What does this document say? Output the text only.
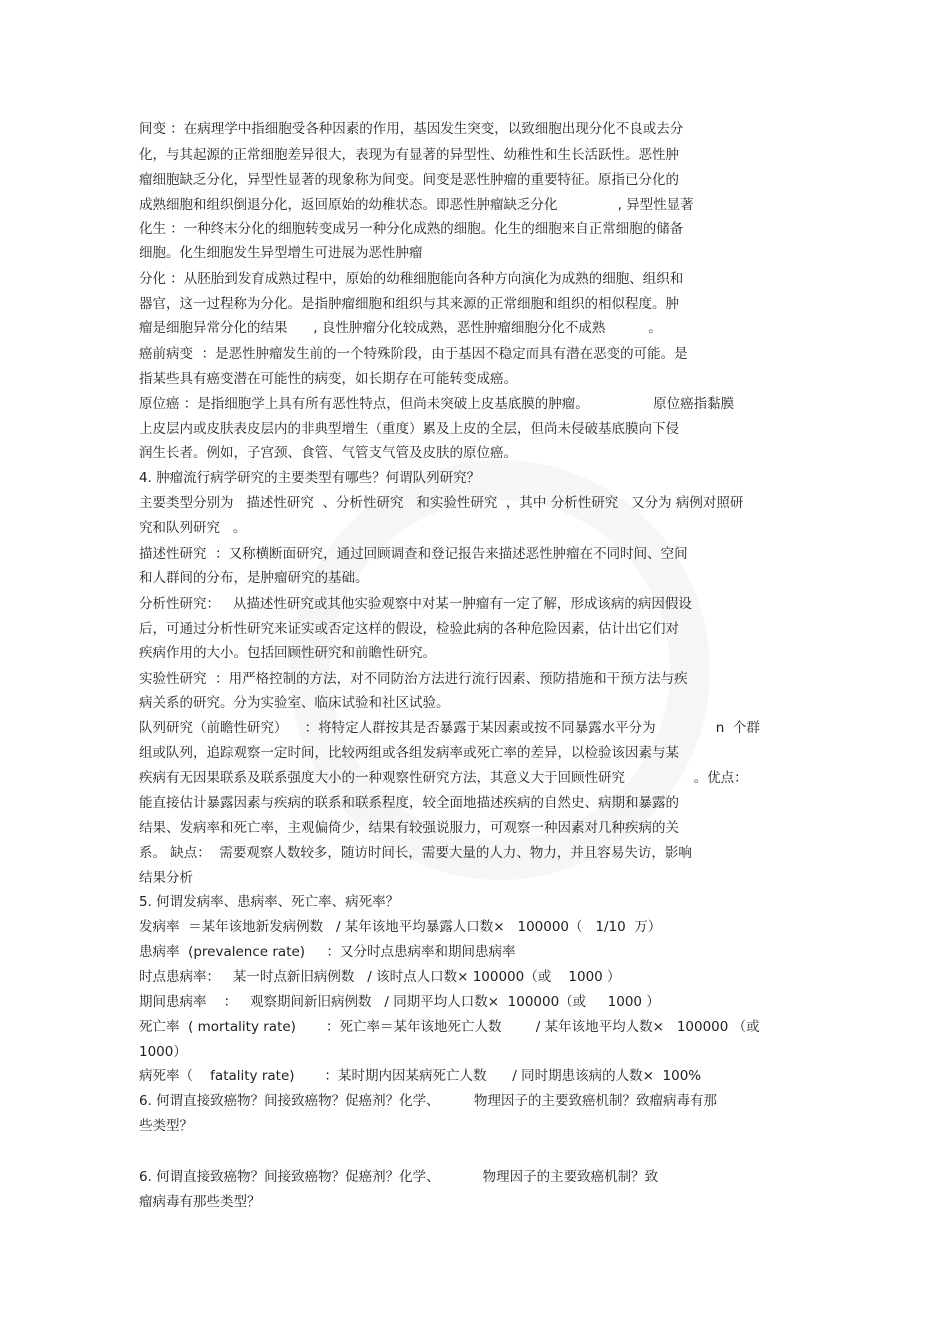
间变 ：在病理学中指细胞受各种因素的作用，基因发生突变，以致细胞出现分化不良或去分
化，与其起源的正常细胞差异很大，表现为有显著的异型性、幼稚性和生长活跃性。恶性肿
瘤细胞缺乏分化，异型性显著的现象称为间变。间变是恶性肿瘤的重要特征。原指已分化的
成熟细胞和组织倒退分化，返回原始的幼稚状态。即恶性肿瘤缺乏分化              , 异型性显著
化生 ：一种终末分化的细胞转变成另一种分化成熟的细胞。化生的细胞来自正常细胞的储备
细胞。化生细胞发生异型增生可进展为恶性肿瘤
分化 ：从胚胎到发育成熟过程中，原始的幼稚细胞能向各种方向演化为成熟的细胞、组织和
器官，这一过程称为分化。是指肿瘤细胞和组织与其来源的正常细胞和组织的相似程度。肿
瘤是细胞异常分化的结果      , 良性肿瘤分化较成熟，恶性肿瘤细胞分化不成熟          。
癌前病变  ：是恶性肿瘤发生前的一个特殊阶段，由于基因不稳定而具有潜在恶变的可能。是
指某些具有癌变潜在可能性的病变，如长期存在可能转变成癌。
原位癌 ：是指细胞学上具有所有恶性特点，但尚未突破上皮基底膜的肿瘤。               原位癌指黏膜
上皮层内或皮肤表皮层内的非典型增生（重度）累及上皮的全层，但尚未侵破基底膜向下侵
润生长者。例如，子宫颈、食管、气管支气管及皮肤的原位癌。
4. 肿瘤流行病学研究的主要类型有哪些？何谓队列研究？
主要类型分别为   描述性研究  、分析性研究   和实验性研究  ，其中 分析性研究   又分为 病例对照研
究和队列研究   。
描述性研究  ：又称横断面研究，通过回顾调查和登记报告来描述恶性肿瘤在不同时间、空间
和人群间的分布，是肿瘤研究的基础。
分析性研究：   从描述性研究或其他实验观察中对某一肿瘤有一定了解，形成该病的病因假设
后，可通过分析性研究来证实或否定这样的假设，检验此病的各种危险因素，估计出它们对
疾病作用的大小。包括回顾性研究和前瞻性研究。
实验性研究  ：用严格控制的方法，对不同防治方法进行流行因素、预防措施和干预方法与疾
病关系的研究。分为实验室、临床试验和社区试验。
队列研究（前瞻性研究）    ：将特定人群按其是否暴露于某因素或按不同暴露水平分为              n  个群
组或队列，追踪观察一定时间，比较两组或各组发病率或死亡率的差异，以检验该因素与某
疾病有无因果联系及联系强度大小的一种观察性研究方法，其意义大于回顾性研究                。优点：
能直接估计暴露因素与疾病的联系和联系程度，较全面地描述疾病的自然史、病期和暴露的
结果、发病率和死亡率，主观偏倚少，结果有较强说服力，可观察一种因素对几种疾病的关
系。 缺点：  需要观察人数较多，随访时间长，需要大量的人力、物力，并且容易失访，影响
结果分析
5. 何谓发病率、患病率、死亡率、病死率？
发病率  ＝某年该地新发病例数   / 某年该地平均暴露人口数×   100000（   1/10  万）
患病率  (prevalence rate)     ：又分时点患病率和期间患病率
时点患病率：   某一时点新旧病例数   / 该时点人口数× 100000（或    1000 ）
期间患病率    ：   观察期间新旧病例数   / 同期平均人口数×  100000（或     1000 ）
死亡率  ( mortality rate)       ：死亡率＝某年该地死亡人数        / 某年该地平均人数×   100000 （或
1000）
病死率（    fatality rate)       ：某时期内因某病死亡人数      / 同时期患该病的人数×  100%
6. 何谓直接致癌物？间接致癌物？促癌剂？化学、        物理因子的主要致癌机制？致瘤病毒有那
些类型？
6. 何谓直接致癌物？间接致癌物？促癌剂？化学、          物理因子的主要致癌机制？致
瘤病毒有那些类型？
